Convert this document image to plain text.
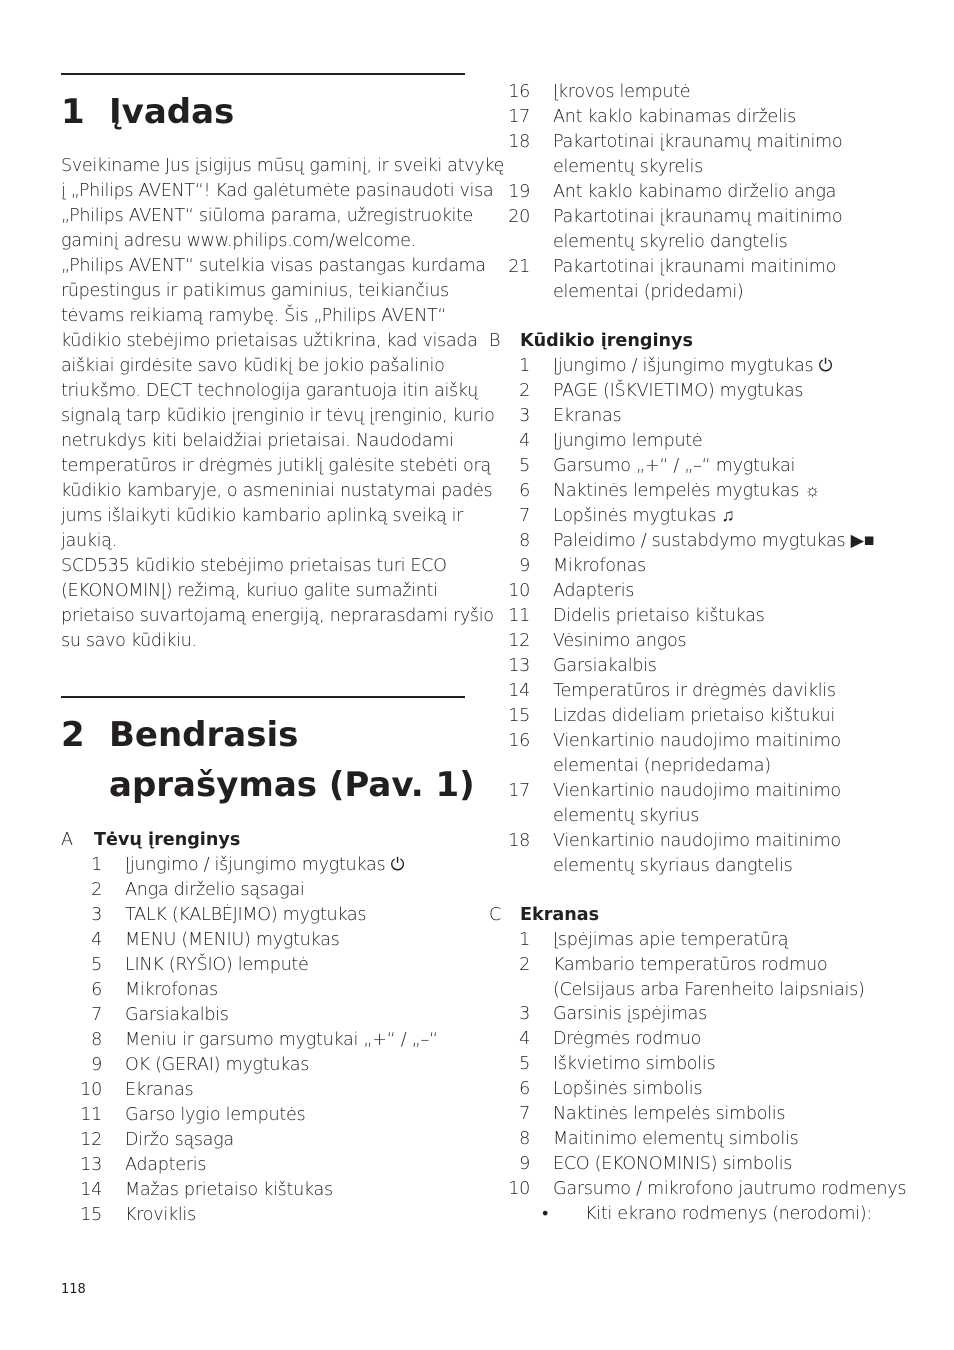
1 Įvadas
Sveikiname Jus įsigijus mūsų gaminį, ir sveiki atvykę
į „Philips AVENT“! Kad galėtumėte pasinaudoti visa
„Philips AVENT“ siūloma parama, užregistruokite
gaminį adresu www.philips.com/welcome.
„Philips AVENT“ sutelkia visas pastangas kurdama
rūpestingus ir patikimus gaminius, teikiančius
tėvams reikiamą ramybę. Šis „Philips AVENT“
kūdikio stebėjimo prietaisas užtikrina, kad visada
aiškiai girdėsite savo kūdikį be jokio pašalinio
triukšmo. DECT technologija garantuoja itin aiškų
signalą tarp kūdikio įrenginio ir tėvų įrenginio, kurio
netrukdys kiti belaidžiai prietaisai. Naudodami
temperatūros ir drėgmės jutiklį galėsite stebėti orą
kūdikio kambaryje, o asmeniniai nustatymai padės
jums išlaikyti kūdikio kambario aplinką sveiką ir
jaukią.
SCD535 kūdikio stebėjimo prietaisas turi ECO
(EKONOMINĮ) režimą, kuriuo galite sumažinti
prietaiso suvartojamą energiją, neprarasdami ryšio
su savo kūdikiu.
2 Bendrasis
aprašymas (Pav. 1)
A Tėvų įrenginys
1 Įjungimo / išjungimo mygtukas ⏻
2 Anga dirželio sąsagai
3 TALK (KALBĖJIMO) mygtukas
4 MENU (MENIU) mygtukas
5 LINK (RYŠIO) lemputė
6 Mikrofonas
7 Garsiakalbis
8 Meniu ir garsumo mygtukai „+“ / „–“
9 OK (GERAI) mygtukas
10 Ekranas
11 Garso lygio lemputės
12 Diržo sąsaga
13 Adapteris
14 Mažas prietaiso kištukas
15 Kroviklis
16 Įkrovos lemputė
17 Ant kaklo kabinamas dirželis
18 Pakartotinai įkraunamų maitinimo
elementų skyrelis
19 Ant kaklo kabinamo dirželio anga
20 Pakartotinai įkraunamų maitinimo
elementų skyrelio dangtelis
21 Pakartotinai įkraunami maitinimo
elementai (pridedami)
B Kūdikio įrenginys
1 Įjungimo / išjungimo mygtukas ⏻
2 PAGE (IŠKVIETIMO) mygtukas
3 Ekranas
4 Įjungimo lemputė
5 Garsumo „+“ / „–“ mygtukai
6 Naktinės lempelės mygtukas ☼
7 Lopšinės mygtukas ♫
8 Paleidimo / sustabdymo mygtukas ▶■
9 Mikrofonas
10 Adapteris
11 Didelis prietaiso kištukas
12 Vėsinimo angos
13 Garsiakalbis
14 Temperatūros ir drėgmės daviklis
15 Lizdas dideliam prietaiso kištukui
16 Vienkartinio naudojimo maitinimo
elementai (nepridedama)
17 Vienkartinio naudojimo maitinimo
elementų skyrius
18 Vienkartinio naudojimo maitinimo
elementų skyriaus dangtelis
C Ekranas
1 Įspėjimas apie temperatūrą
2 Kambario temperatūros rodmuo
(Celsijaus arba Farenheito laipsniais)
3 Garsinis įspėjimas
4 Drėgmės rodmuo
5 Iškvietimo simbolis
6 Lopšinės simbolis
7 Naktinės lempelės simbolis
8 Maitinimo elementų simbolis
9 ECO (EKONOMINIS) simbolis
10 Garsumo / mikrofono jautrumo rodmenys
•	Kiti ekrano rodmenys (nerodomi):
118
